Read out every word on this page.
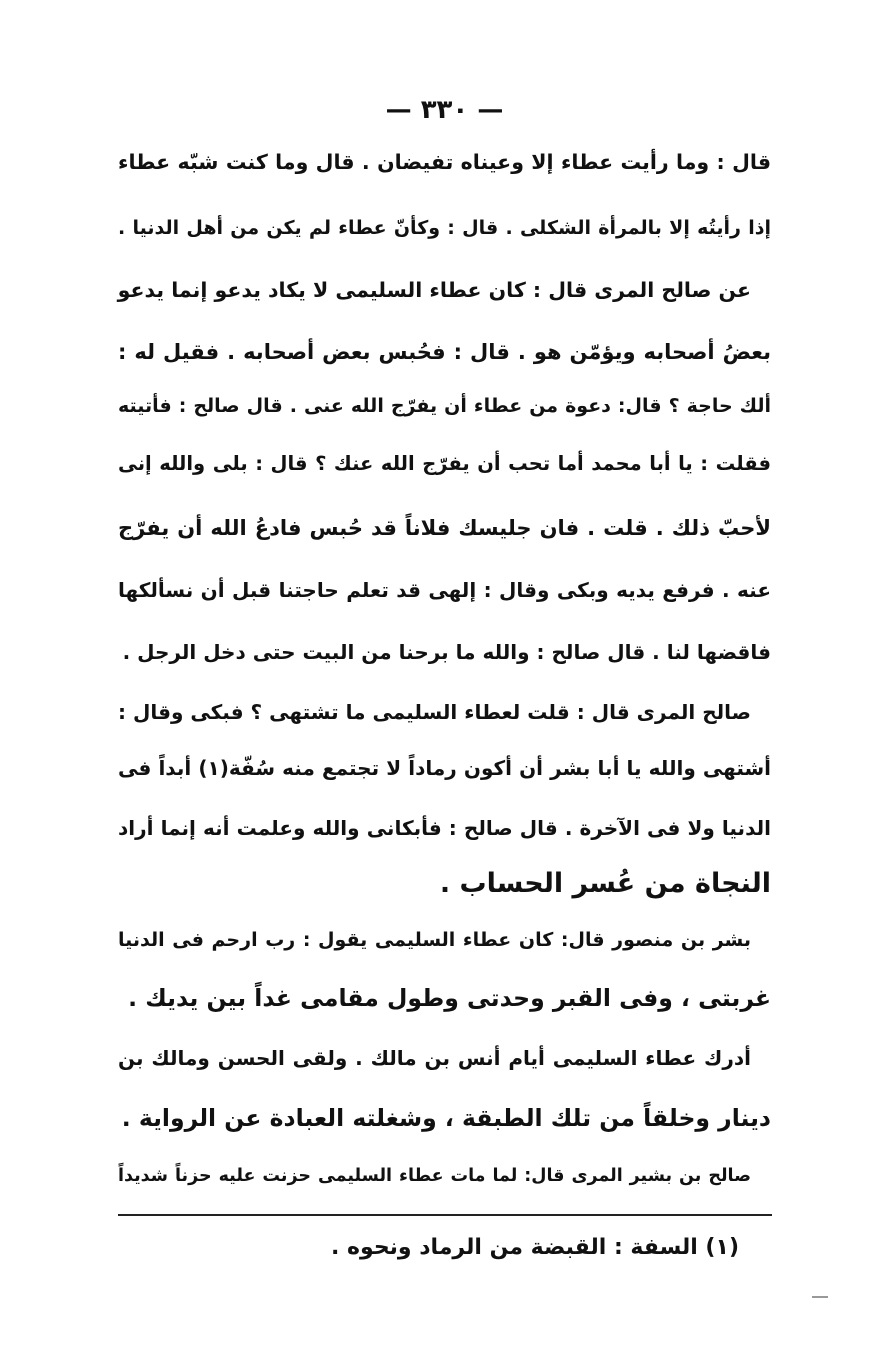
— ٣٣٠ —
قال : وما رأيت عطاء إلا وعيناه تفيضان . قال وما كنت شبّه عطاء
إذا رأيتُه إلا بالمرأة الشكلى . قال : وكأنّ عطاء لم يكن من أهل الدنيا .
عن صالح المرى قال : كان عطاء السليمى لا يكاد يدعو إنما يدعو
بعضُ أصحابه ويؤمّن هو . قال : فحُبس بعض أصحابه . فقيل له :
ألك حاجة ؟ قال: دعوة من عطاء أن يفرّج الله عنى . قال صالح : فأتيته
فقلت : يا أبا محمد أما تحب أن يفرّج الله عنك ؟ قال : بلى والله إنى
لأحبّ ذلك . قلت . فان جليسك فلاناً قد حُبس فادعُ الله أن يفرّج
عنه . فرفع يديه وبكى وقال : إلهى قد تعلم حاجتنا قبل أن نسألكها
فاقضها لنا . قال صالح : والله ما برحنا من البيت حتى دخل الرجل .
صالح المرى قال : قلت لعطاء السليمى ما تشتهى ؟ فبكى وقال :
أشتهى والله يا أبا بشر أن أكون رماداً لا تجتمع منه سُفّة(١) أبداً فى
الدنيا ولا فى الآخرة . قال صالح : فأبكانى والله وعلمت أنه إنما أراد
النجاة من عُسر الحساب .
بشر بن منصور قال: كان عطاء السليمى يقول : رب ارحم فى الدنيا
غربتى ، وفى القبر وحدتى وطول مقامى غداً بين يديك .
أدرك عطاء السليمى أيام أنس بن مالك . ولقى الحسن ومالك بن
دينار وخلقاً من تلك الطبقة ، وشغلته العبادة عن الرواية .
صالح بن بشير المرى قال: لما مات عطاء السليمى حزنت عليه حزناً شديداً
(١) السفة : القبضة من الرماد ونحوه .
